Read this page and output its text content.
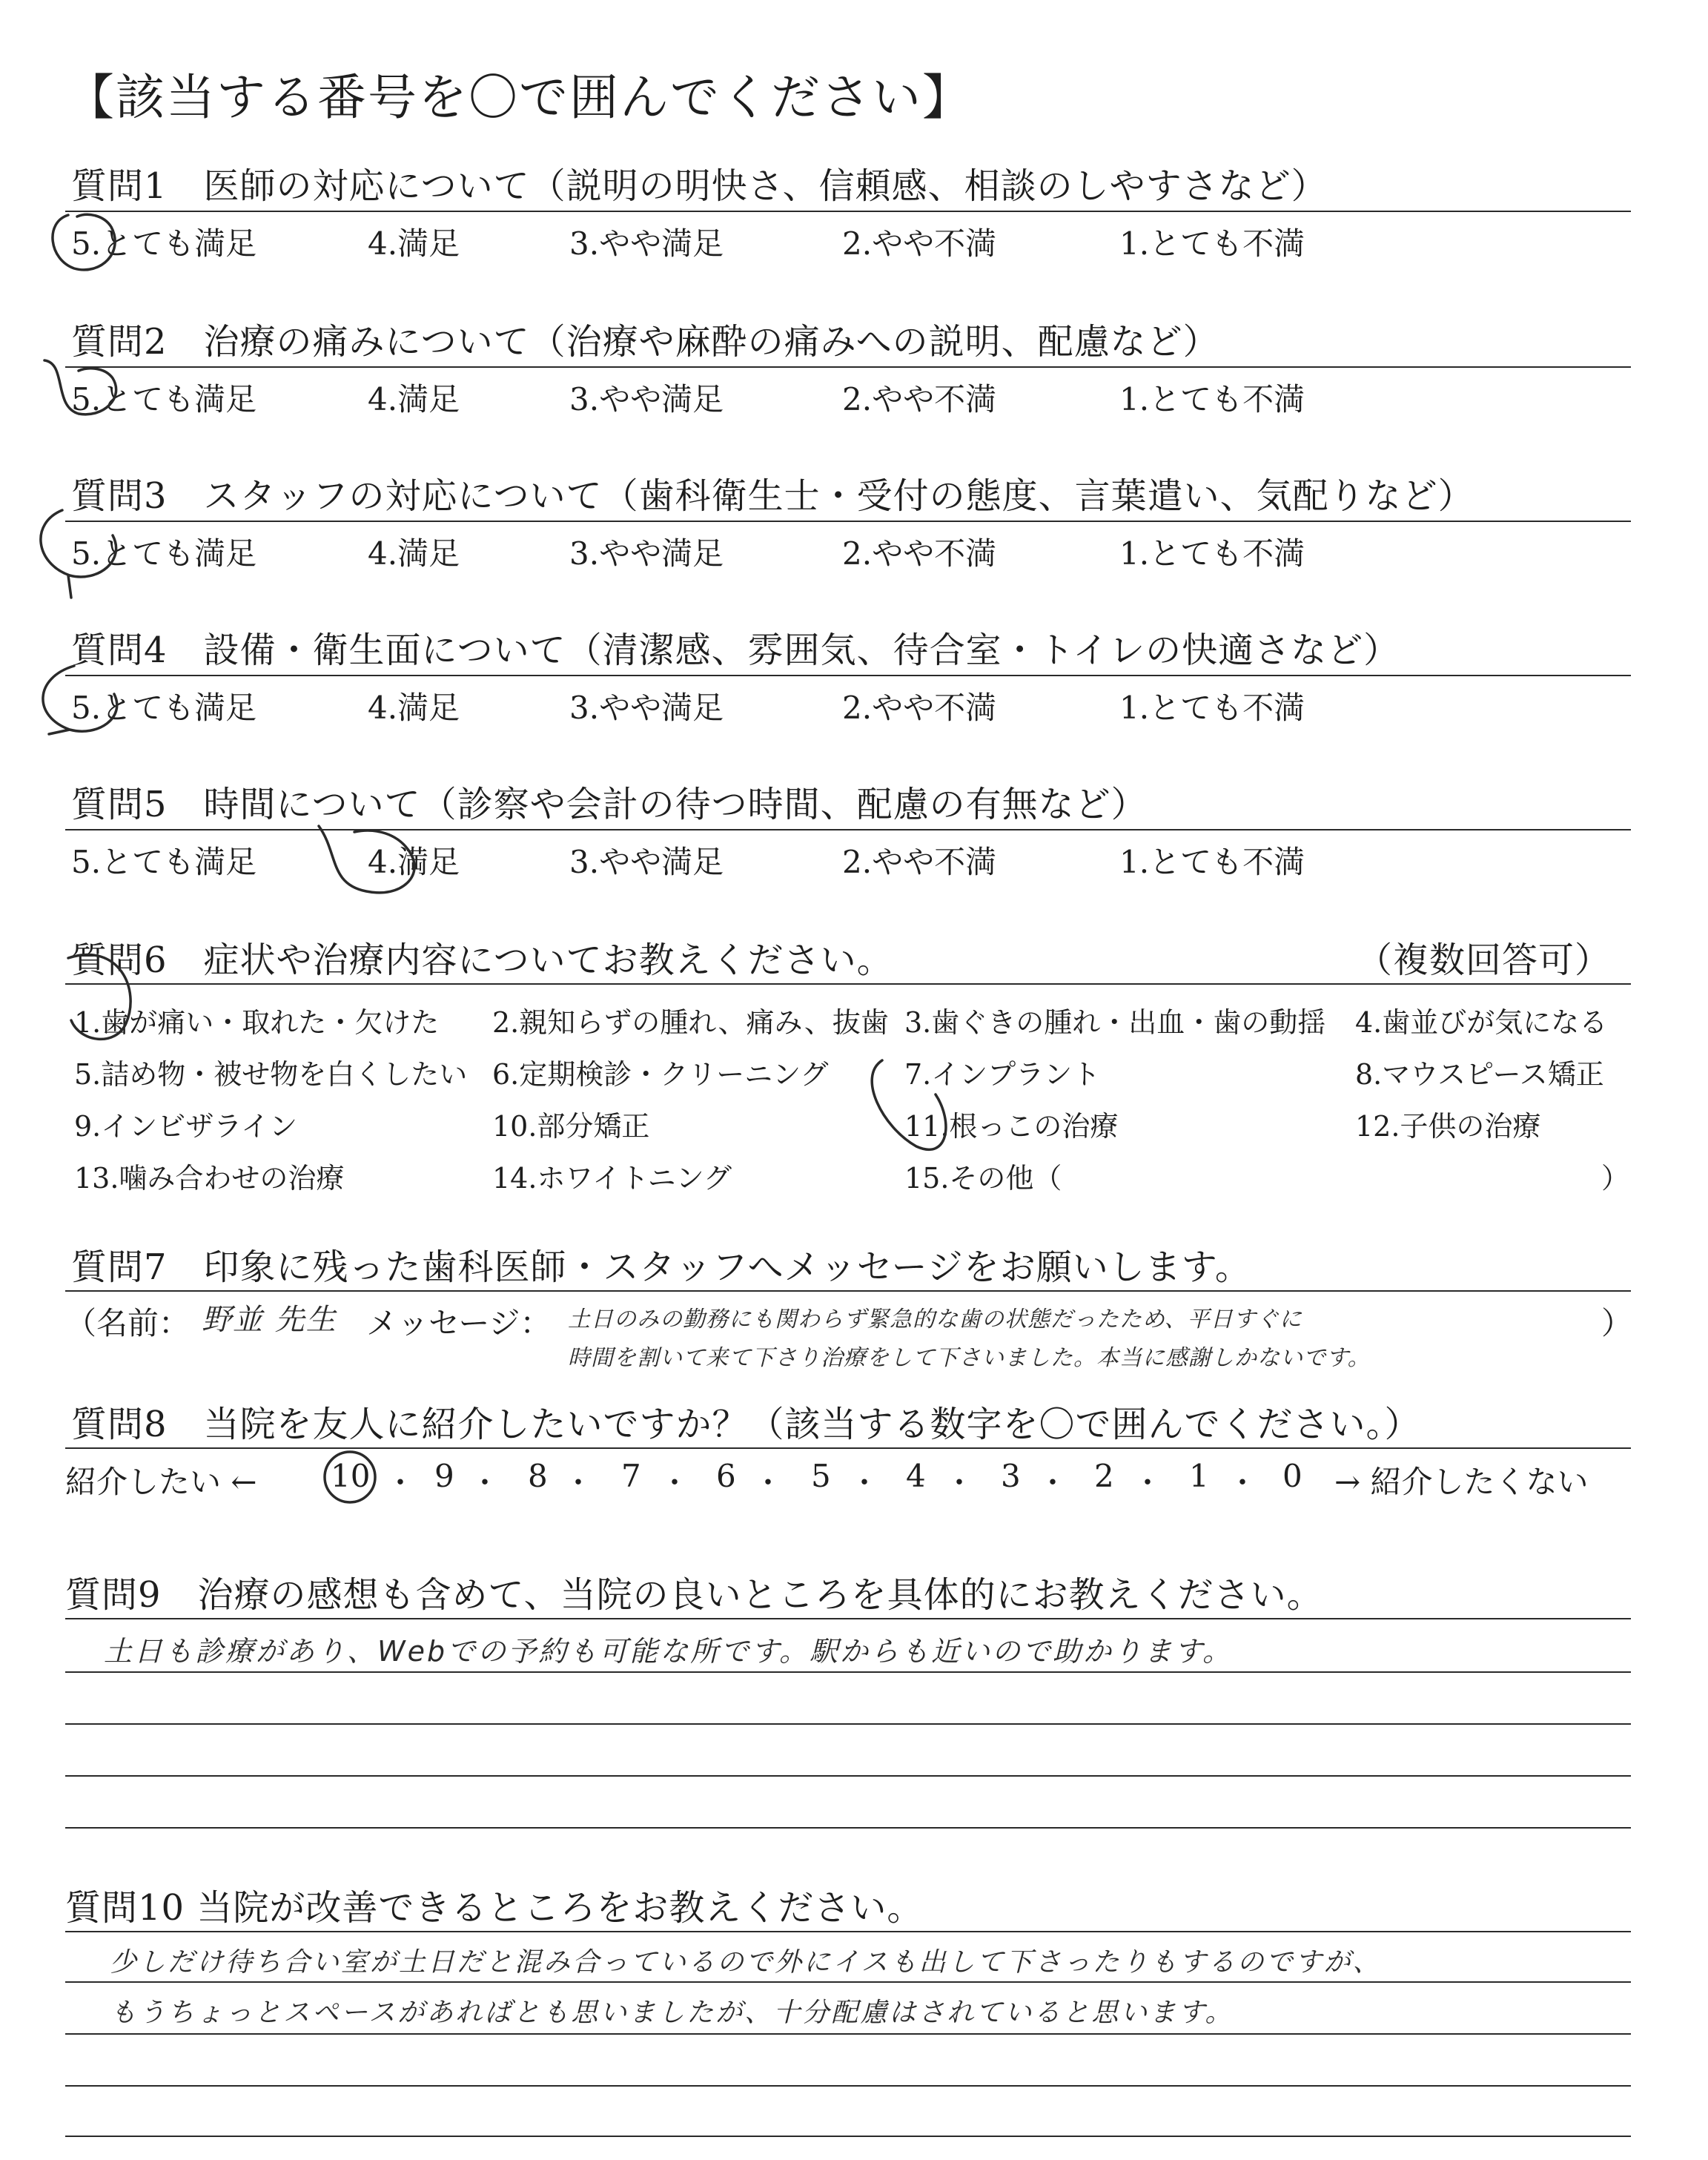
【該当する番号を〇で囲んでください】
質問1　医師の対応について（説明の明快さ、信頼感、相談のしやすさなど）
5.とても満足	4.満足	3.やや満足	2.やや不満	1.とても不満
質問2　治療の痛みについて（治療や麻酔の痛みへの説明、配慮など）
5.とても満足	4.満足	3.やや満足	2.やや不満	1.とても不満
質問3　スタッフの対応について（歯科衛生士・受付の態度、言葉遣い、気配りなど）
5.とても満足	4.満足	3.やや満足	2.やや不満	1.とても不満
質問4　設備・衛生面について（清潔感、雰囲気、待合室・トイレの快適さなど）
5.とても満足	4.満足	3.やや満足	2.やや不満	1.とても不満
質問5　時間について（診察や会計の待つ時間、配慮の有無など）
5.とても満足	4.満足	3.やや満足	2.やや不満	1.とても不満
質問6　症状や治療内容についてお教えください。	（複数回答可）
1.歯が痛い・取れた・欠けた 2.親知らずの腫れ、痛み、抜歯 3.歯ぐきの腫れ・出血・歯の動揺 4.歯並びが気になる
5.詰め物・被せ物を白くしたい 6.定期検診・クリーニング	7.インプラント	8.マウスピース矯正
9.インビザライン	10.部分矯正	11.根っこの治療	12.子供の治療
13.噛み合わせの治療	14.ホワイトニング	15.その他（	）
質問7　印象に残った歯科医師・スタッフへメッセージをお願いします。
（名前： 野並 先生 メッセージ： 土日のみの勤務にも関わらず緊急的な歯の状態だったため、平日すぐに
時間を割いて来て下さり治療をして下さいました。本当に感謝しかないです。
）
質問8　当院を友人に紹介したいですか？（該当する数字を〇で囲んでください。）
紹介したい ← 10 ・ 9 ・ 8 ・ 7 ・ 6 ・ 5 ・ 4 ・ 3 ・ 2 ・ 1 ・ 0 → 紹介したくない
質問9　治療の感想も含めて、当院の良いところを具体的にお教えください。
土日も診療があり、Webでの予約も可能な所です。駅からも近いので助かります。
質問10 当院が改善できるところをお教えください。
少しだけ待ち合い室が土日だと混み合っているので外にイスも出して下さったりもするのですが、
もうちょっとスペースがあればとも思いましたが、十分配慮はされていると思います。
